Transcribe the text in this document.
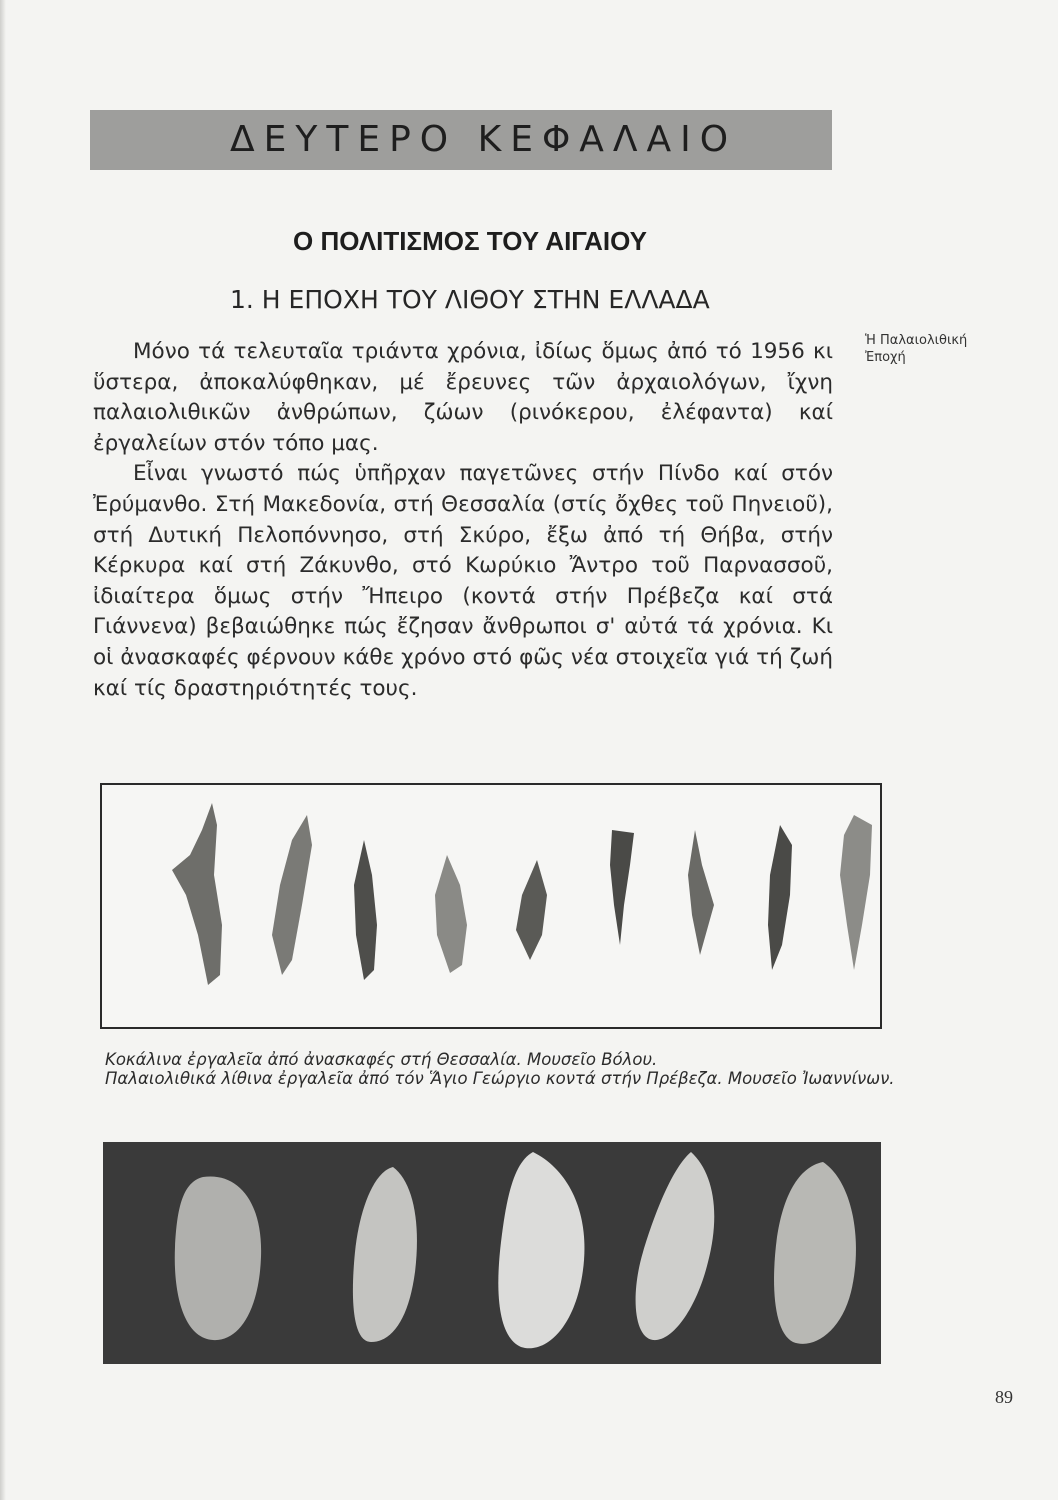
ΔΕΥΤΕΡΟ ΚΕΦΑΛΑΙΟ
Ο ΠΟΛΙΤΙΣΜΟΣ ΤΟΥ ΑΙΓΑΙΟΥ
1. Η ΕΠΟΧΗ ΤΟΥ ΛΙΘΟΥ ΣΤΗΝ ΕΛΛΑΔΑ
Ἡ Παλαιολιθική Ἐποχή

Μόνο τά τελευταῖα τριάντα χρόνια, ἰδίως ὅμως ἀπό τό 1956 κι ὕστερα, ἀποκαλύφθηκαν, μέ ἔρευνες τῶν ἀρχαιολόγων, ἴχνη παλαιολιθικῶν ἀνθρώπων, ζώων (ρινόκερου, ἐλέφαντα) καί ἐργαλείων στόν τόπο μας.

Εἶναι γνωστό πώς ὑπῆρχαν παγετῶνες στήν Πίνδο καί στόν Ἐρύμανθο. Στή Μακεδονία, στή Θεσσαλία (στίς ὄχθες τοῦ Πηνειοῦ), στή Δυτική Πελοπόννησο, στή Σκύρο, ἔξω ἀπό τή Θήβα, στήν Κέρκυρα καί στή Ζάκυνθο, στό Κωρύκιο Ἄντρο τοῦ Παρνασσοῦ, ἰδιαίτερα ὅμως στήν Ἤπειρο (κοντά στήν Πρέβεζα καί στά Γιάννενα) βεβαιώθηκε πώς ἔζησαν ἄνθρωποι σ' αὐτά τά χρόνια. Κι οἱ ἀνασκαφές φέρνουν κάθε χρόνο στό φῶς νέα στοιχεῖα γιά τή ζωή καί τίς δραστηριότητές τους.

Κοκάλινα ἐργαλεῖα ἀπό ἀνασκαφές στή Θεσσαλία. Μουσεῖο Βόλου.
Παλαιολιθικά λίθινα ἐργαλεῖα ἀπό τόν Ἅγιο Γεώργιο κοντά στήν Πρέβεζα. Μουσεῖο Ἰωαννίνων.
89
